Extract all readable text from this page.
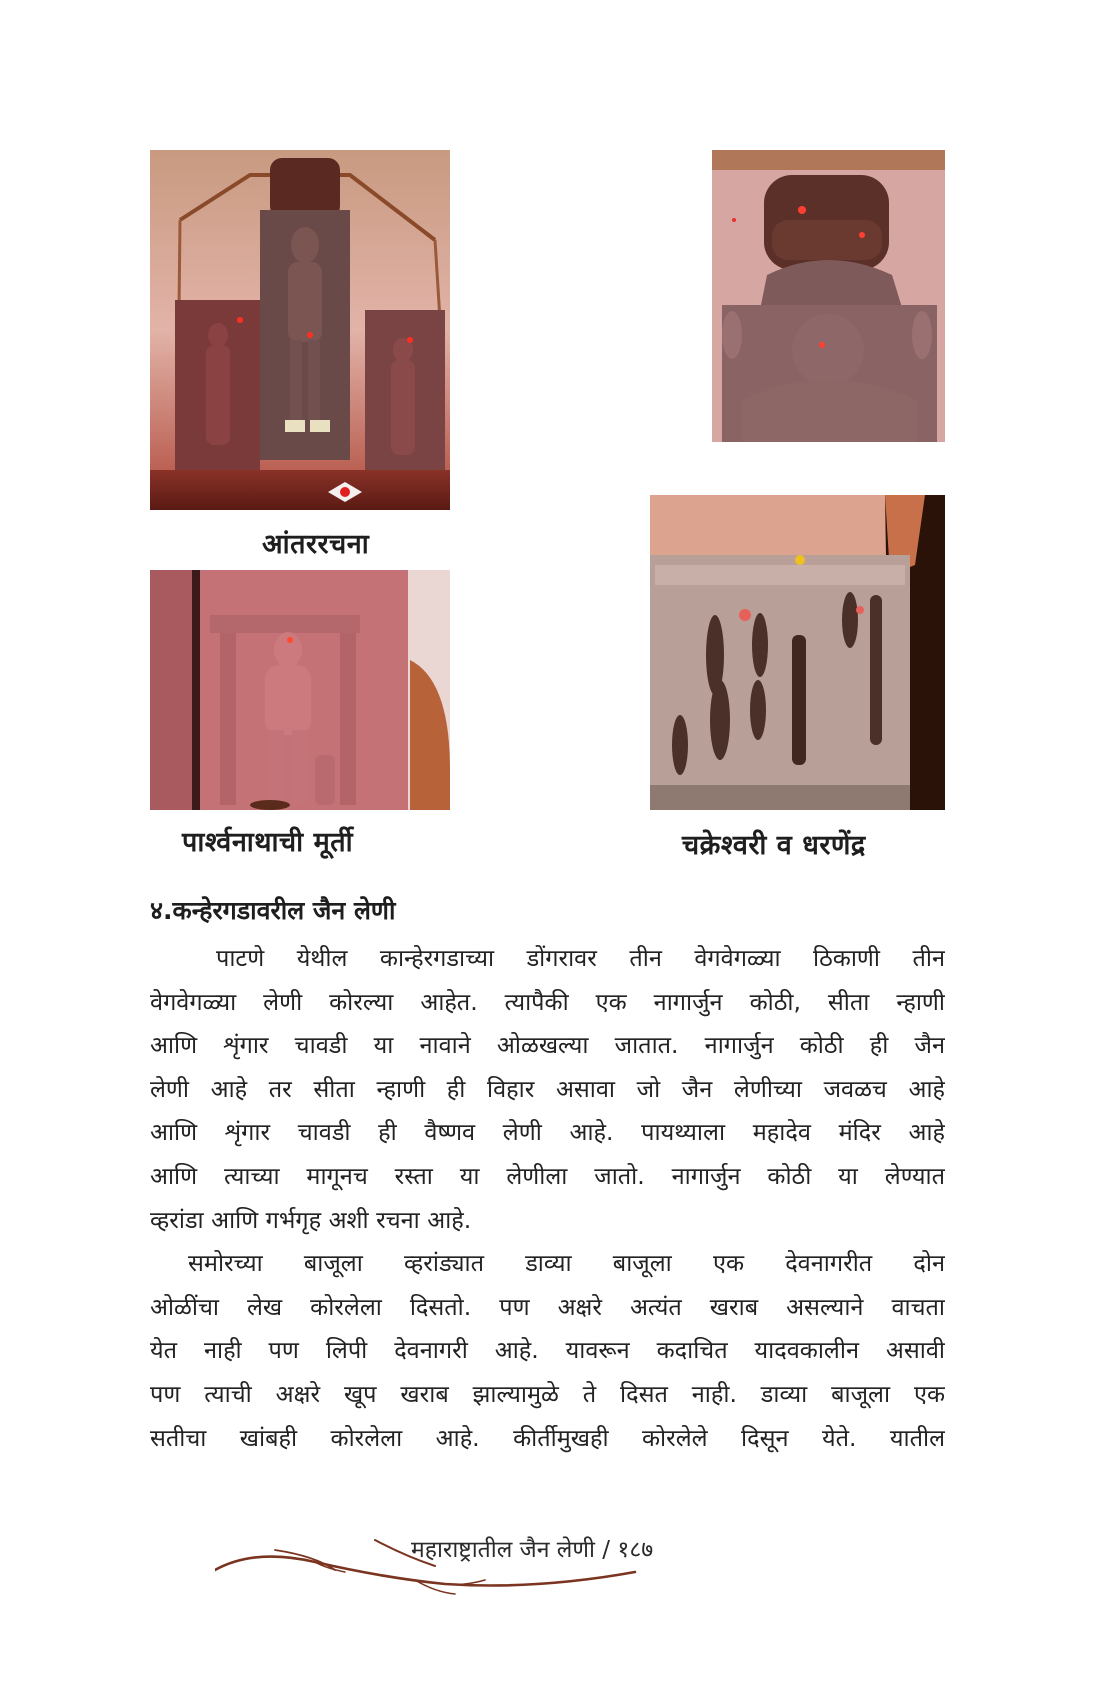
आंतररचना
पार्श्वनाथाची मूर्ती	चक्रेश्वरी व धरणेंद्र
४.कन्हेरगडावरील जैन लेणी
पाटणे येथील कान्हेरगडाच्या डोंगरावर तीन वेगवेगळ्या ठिकाणी तीन
वेगवेगळ्या लेणी कोरल्या आहेत. त्यापैकी एक नागार्जुन कोठी, सीता न्हाणी
आणि शृंगार चावडी या नावाने ओळखल्या जातात. नागार्जुन कोठी ही जैन
लेणी आहे तर सीता न्हाणी ही विहार असावा जो जैन लेणीच्या जवळच आहे
आणि शृंगार चावडी ही वैष्णव लेणी आहे. पायथ्याला महादेव मंदिर आहे
आणि त्याच्या मागूनच रस्ता या लेणीला जातो. नागार्जुन कोठी या लेण्यात
व्हरांडा आणि गर्भगृह अशी रचना आहे.
समोरच्या बाजूला व्हरांड्यात डाव्या बाजूला एक देवनागरीत दोन
ओळींचा लेख कोरलेला दिसतो. पण अक्षरे अत्यंत खराब असल्याने वाचता
येत नाही पण लिपी देवनागरी आहे. यावरून कदाचित यादवकालीन असावी
पण त्याची अक्षरे खूप खराब झाल्यामुळे ते दिसत नाही. डाव्या बाजूला एक
सतीचा खांबही कोरलेला आहे. कीर्तीमुखही कोरलेले दिसून येते. यातील
महाराष्ट्रातील जैन लेणी / १८७
